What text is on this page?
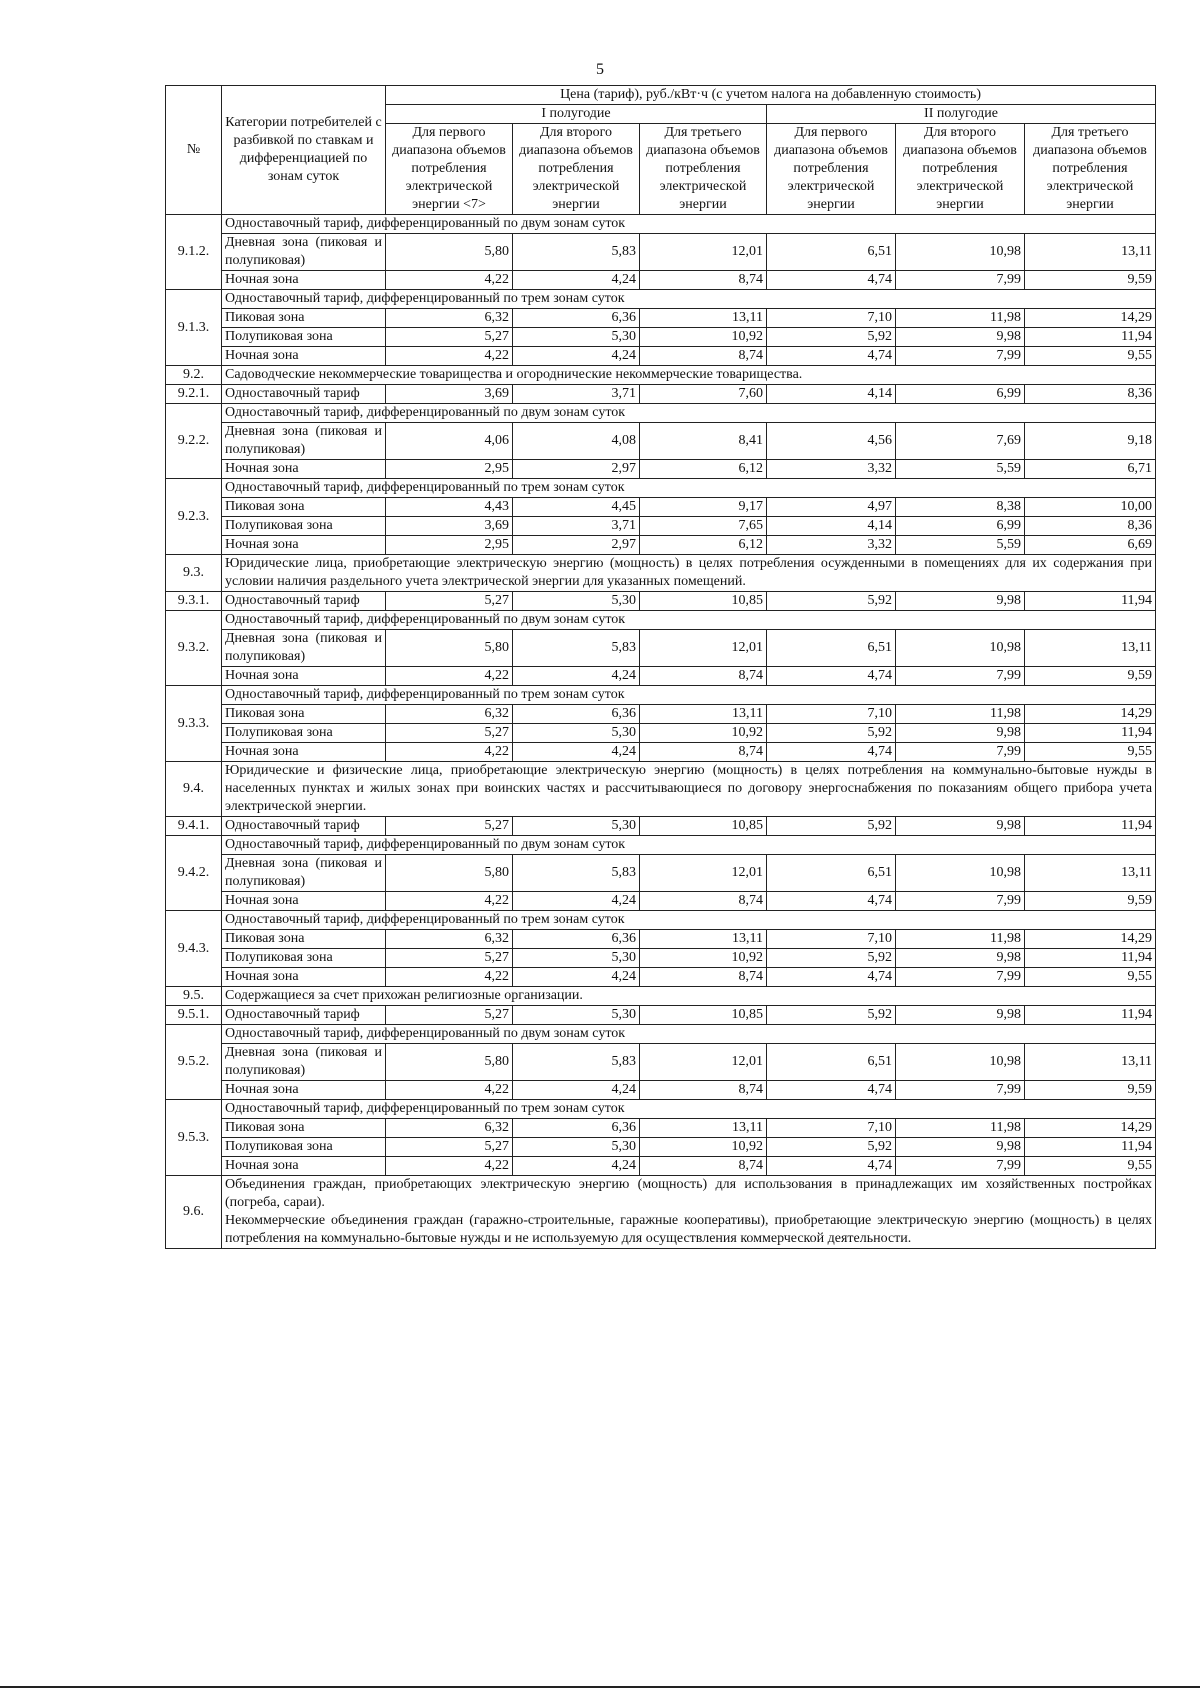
5
№	Категории потребителей с разбивкой по ставкам и дифференциацией по зонам суток	Цена (тариф), руб./кВт·ч (с учетом налога на добавленную стоимость)					
		I полугодие			II полугодие		
		Для первого диапазона объемов потребления электрической энергии <7>	Для второго диапазона объемов потребления электрической энергии	Для третьего диапазона объемов потребления электрической энергии	Для первого диапазона объемов потребления электрической энергии	Для второго диапазона объемов потребления электрической энергии	Для третьего диапазона объемов потребления электрической энергии
9.1.2.	Одноставочный тариф, дифференцированный по двум зонам суток						
	Дневная зона (пиковая и полупиковая)	5,80	5,83	12,01	6,51	10,98	13,11
	Ночная зона	4,22	4,24	8,74	4,74	7,99	9,59
9.1.3.	Одноставочный тариф, дифференцированный по трем зонам суток						
	Пиковая зона	6,32	6,36	13,11	7,10	11,98	14,29
	Полупиковая зона	5,27	5,30	10,92	5,92	9,98	11,94
	Ночная зона	4,22	4,24	8,74	4,74	7,99	9,55
9.2.	Садоводческие некоммерческие товарищества и огороднические некоммерческие товарищества.						
9.2.1.	Одноставочный тариф	3,69	3,71	7,60	4,14	6,99	8,36
9.2.2.	Одноставочный тариф, дифференцированный по двум зонам суток						
	Дневная зона (пиковая и полупиковая)	4,06	4,08	8,41	4,56	7,69	9,18
	Ночная зона	2,95	2,97	6,12	3,32	5,59	6,71
9.2.3.	Одноставочный тариф, дифференцированный по трем зонам суток						
	Пиковая зона	4,43	4,45	9,17	4,97	8,38	10,00
	Полупиковая зона	3,69	3,71	7,65	4,14	6,99	8,36
	Ночная зона	2,95	2,97	6,12	3,32	5,59	6,69
9.3.	Юридические лица, приобретающие электрическую энергию (мощность) в целях потребления осужденными в помещениях для их содержания при условии наличия раздельного учета электрической энергии для указанных помещений.						
9.3.1.	Одноставочный тариф	5,27	5,30	10,85	5,92	9,98	11,94
9.3.2.	Одноставочный тариф, дифференцированный по двум зонам суток						
	Дневная зона (пиковая и полупиковая)	5,80	5,83	12,01	6,51	10,98	13,11
	Ночная зона	4,22	4,24	8,74	4,74	7,99	9,59
9.3.3.	Одноставочный тариф, дифференцированный по трем зонам суток						
	Пиковая зона	6,32	6,36	13,11	7,10	11,98	14,29
	Полупиковая зона	5,27	5,30	10,92	5,92	9,98	11,94
	Ночная зона	4,22	4,24	8,74	4,74	7,99	9,55
9.4.	Юридические и физические лица, приобретающие электрическую энергию (мощность) в целях потребления на коммунально-бытовые нужды в населенных пунктах и жилых зонах при воинских частях и рассчитывающиеся по договору энергоснабжения по показаниям общего прибора учета электрической энергии.						
9.4.1.	Одноставочный тариф	5,27	5,30	10,85	5,92	9,98	11,94
9.4.2.	Одноставочный тариф, дифференцированный по двум зонам суток						
	Дневная зона (пиковая и полупиковая)	5,80	5,83	12,01	6,51	10,98	13,11
	Ночная зона	4,22	4,24	8,74	4,74	7,99	9,59
9.4.3.	Одноставочный тариф, дифференцированный по трем зонам суток						
	Пиковая зона	6,32	6,36	13,11	7,10	11,98	14,29
	Полупиковая зона	5,27	5,30	10,92	5,92	9,98	11,94
	Ночная зона	4,22	4,24	8,74	4,74	7,99	9,55
9.5.	Содержащиеся за счет прихожан религиозные организации.						
9.5.1.	Одноставочный тариф	5,27	5,30	10,85	5,92	9,98	11,94
9.5.2.	Одноставочный тариф, дифференцированный по двум зонам суток						
	Дневная зона (пиковая и полупиковая)	5,80	5,83	12,01	6,51	10,98	13,11
	Ночная зона	4,22	4,24	8,74	4,74	7,99	9,59
9.5.3.	Одноставочный тариф, дифференцированный по трем зонам суток						
	Пиковая зона	6,32	6,36	13,11	7,10	11,98	14,29
	Полупиковая зона	5,27	5,30	10,92	5,92	9,98	11,94
	Ночная зона	4,22	4,24	8,74	4,74	7,99	9,55
9.6.	Объединения граждан, приобретающих электрическую энергию (мощность) для использования в принадлежащих им хозяйственных постройках (погреба, сараи).
Некоммерческие объединения граждан (гаражно-строительные, гаражные кооперативы), приобретающие электрическую энергию (мощность) в целях потребления на коммунально-бытовые нужды и не используемую для осуществления коммерческой деятельности.						
